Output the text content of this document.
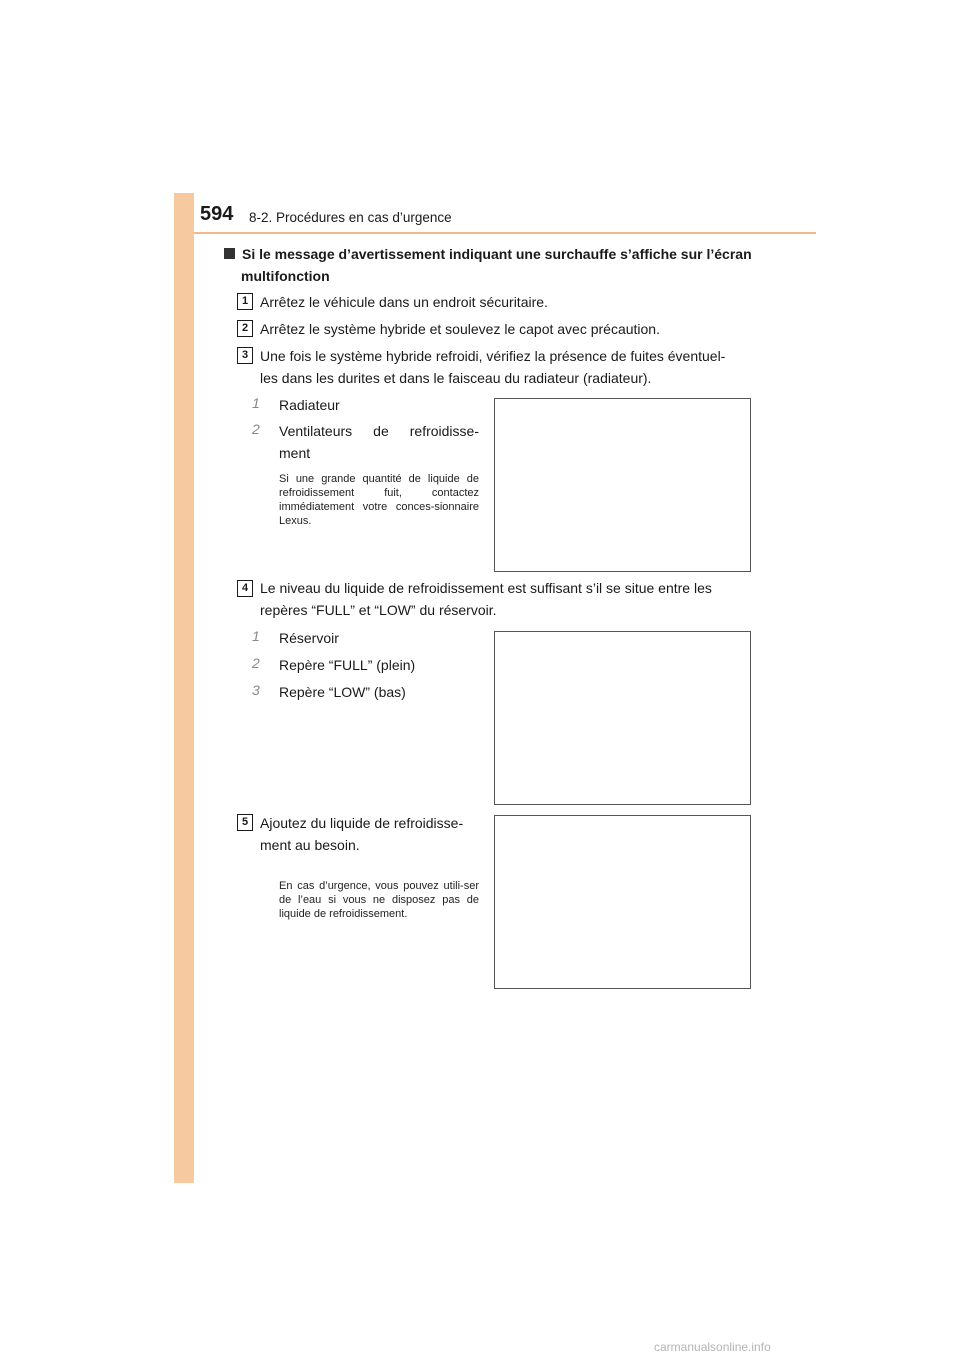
594 8-2. Procédures en cas d’urgence
Si le message d’avertissement indiquant une surchauffe s’affiche sur l’écran
multifonction
1 Arrêtez le véhicule dans un endroit sécuritaire.
2 Arrêtez le système hybride et soulevez le capot avec précaution.
3 Une fois le système hybride refroidi, vérifiez la présence de fuites éventuel-
les dans les durites et dans le faisceau du radiateur (radiateur).
1 Radiateur
2 Ventilateurs de refroidisse-
ment
Si une grande quantité de liquide de refroidissement fuit, contactez immédiatement votre conces-sionnaire Lexus.
4 Le niveau du liquide de refroidissement est suffisant s’il se situe entre les
repères “FULL” et “LOW” du réservoir.
1 Réservoir
2 Repère “FULL” (plein)
3 Repère “LOW” (bas)
5 Ajoutez du liquide de refroidisse-
ment au besoin.
En cas d’urgence, vous pouvez utili-ser de l’eau si vous ne disposez pas de liquide de refroidissement.
carmanualsonline.info
